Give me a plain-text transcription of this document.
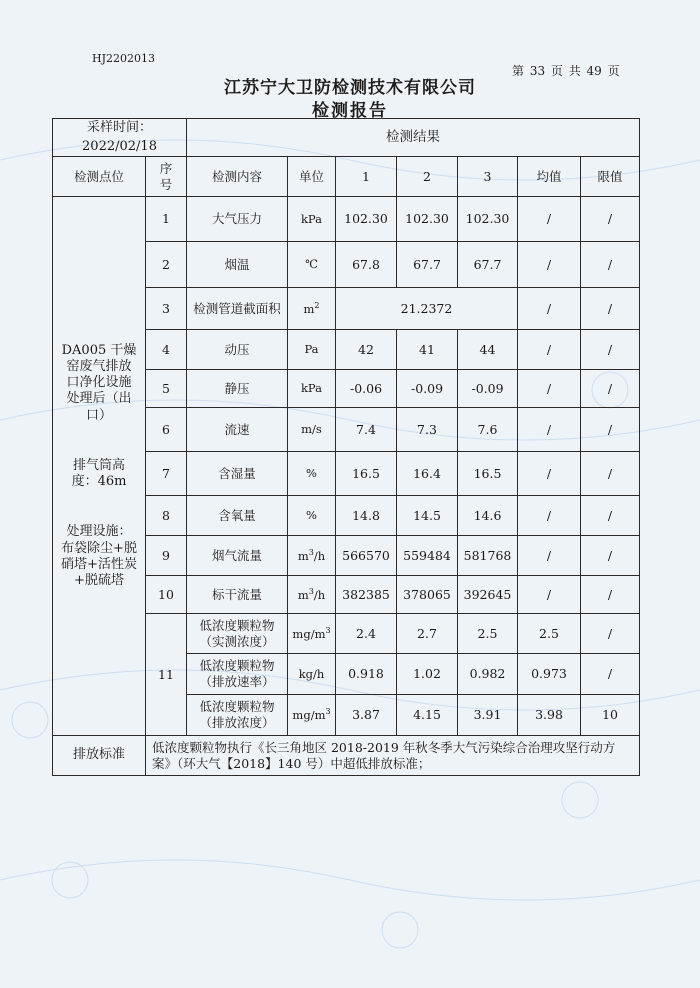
HJ2202013
第 33 页 共 49 页
江苏宁大卫防检测技术有限公司
检测报告
采样时间：
2022/02/18		检测结果						
检测点位	序号	检测内容	单位	1	2	3	均值	限值

DA005 干燥窑废气排放口净化设施处理后（出口）
排气筒高度：46m
处理设施：布袋除尘+脱硝塔+活性炭+脱硫塔	1	大气压力	kPa	102.30	102.30	102.30	/	/
	2	烟温	℃	67.8	67.7	67.7	/	/
	3	检测管道截面积	$m^2$	21.2372			/	/
	4	动压	Pa	42	41	44	/	/
	5	静压	kPa	-0.06	-0.09	-0.09	/	/
	6	流速	m/s	7.4	7.3	7.6	/	/
	7	含湿量	%	16.5	16.4	16.5	/	/
	8	含氧量	%	14.8	14.5	14.6	/	/
	9	烟气流量	$m^3/h$	566570	559484	581768	/	/
	10	标干流量	$m^3/h$	382385	378065	392645	/	/
	11	低浓度颗粒物
（实测浓度）	$mg/m^3$	2.4	2.7	2.5	2.5	/
		低浓度颗粒物
（排放速率）	kg/h	0.918	1.02	0.982	0.973	/
		低浓度颗粒物
（排放浓度）	$mg/m^3$	3.87	4.15	3.91	3.98	10
排放标准	低浓度颗粒物执行《长三角地区 2018-2019 年秋冬季大气污染综合治理攻坚行动方案》（环大气【2018】140 号）中超低排放标准；							
